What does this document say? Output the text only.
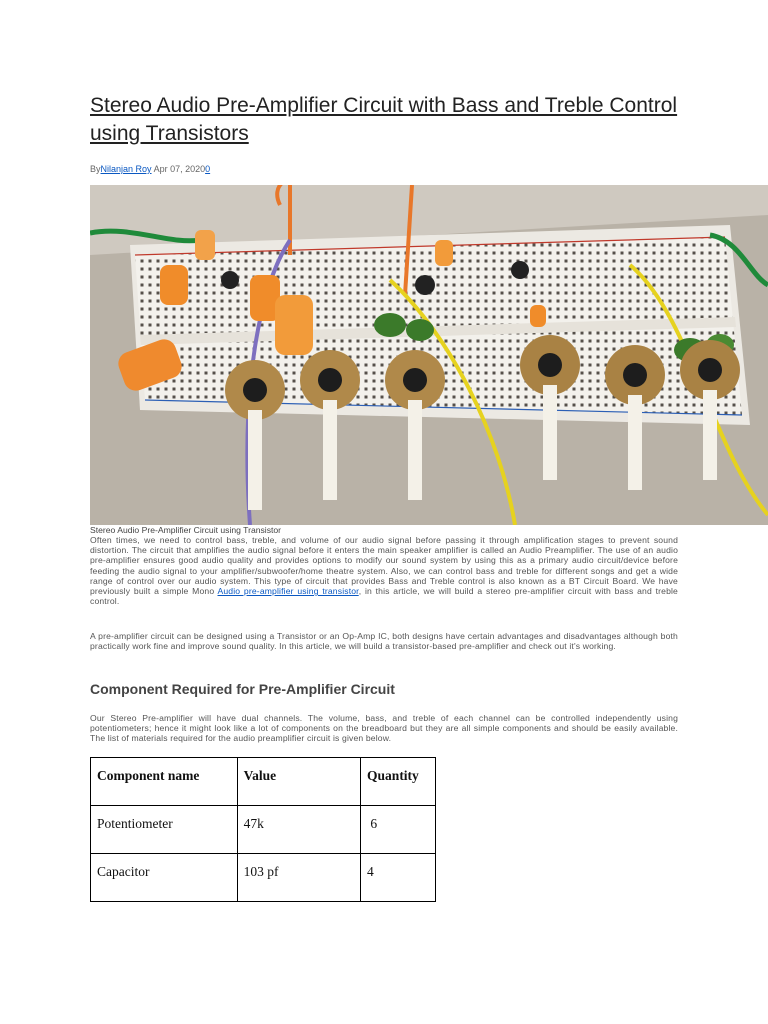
Stereo Audio Pre-Amplifier Circuit with Bass and Treble Control using Transistors
ByNilanjan Roy Apr 07, 20200
Stereo Audio Pre-Amplifier Circuit using Transistor

Often times, we need to control bass, treble, and volume of our audio signal before passing it through amplification stages to prevent sound distortion. The circuit that amplifies the audio signal before it enters the main speaker amplifier is called an Audio Preamplifier. The use of an audio pre-amplifier ensures good audio quality and provides options to modify our sound system by using this as a primary audio circuit/device before feeding the audio signal to your amplifier/subwoofer/home theatre system. Also, we can control bass and treble for different songs and get a wide range of control over our audio system. This type of circuit that provides Bass and Treble control is also known as a BT Circuit Board. We have previously built a simple Mono Audio pre-amplifier using transistor, in this article, we will build a stereo pre-amplifier circuit with bass and treble control.

A pre-amplifier circuit can be designed using a Transistor or an Op-Amp IC, both designs have certain advantages and disadvantages although both practically work fine and improve sound quality. In this article, we will build a transistor-based pre-amplifier and check out it's working.

Component Required for Pre-Amplifier Circuit

Our Stereo Pre-amplifier will have dual channels. The volume, bass, and treble of each channel can be controlled independently using potentiometers; hence it might look like a lot of components on the breadboard but they are all simple components and should be easily available. The list of materials required for the audio preamplifier circuit is given below.

Component name	Value	Quantity
Potentiometer	47k	6
Capacitor	103 pf	4
